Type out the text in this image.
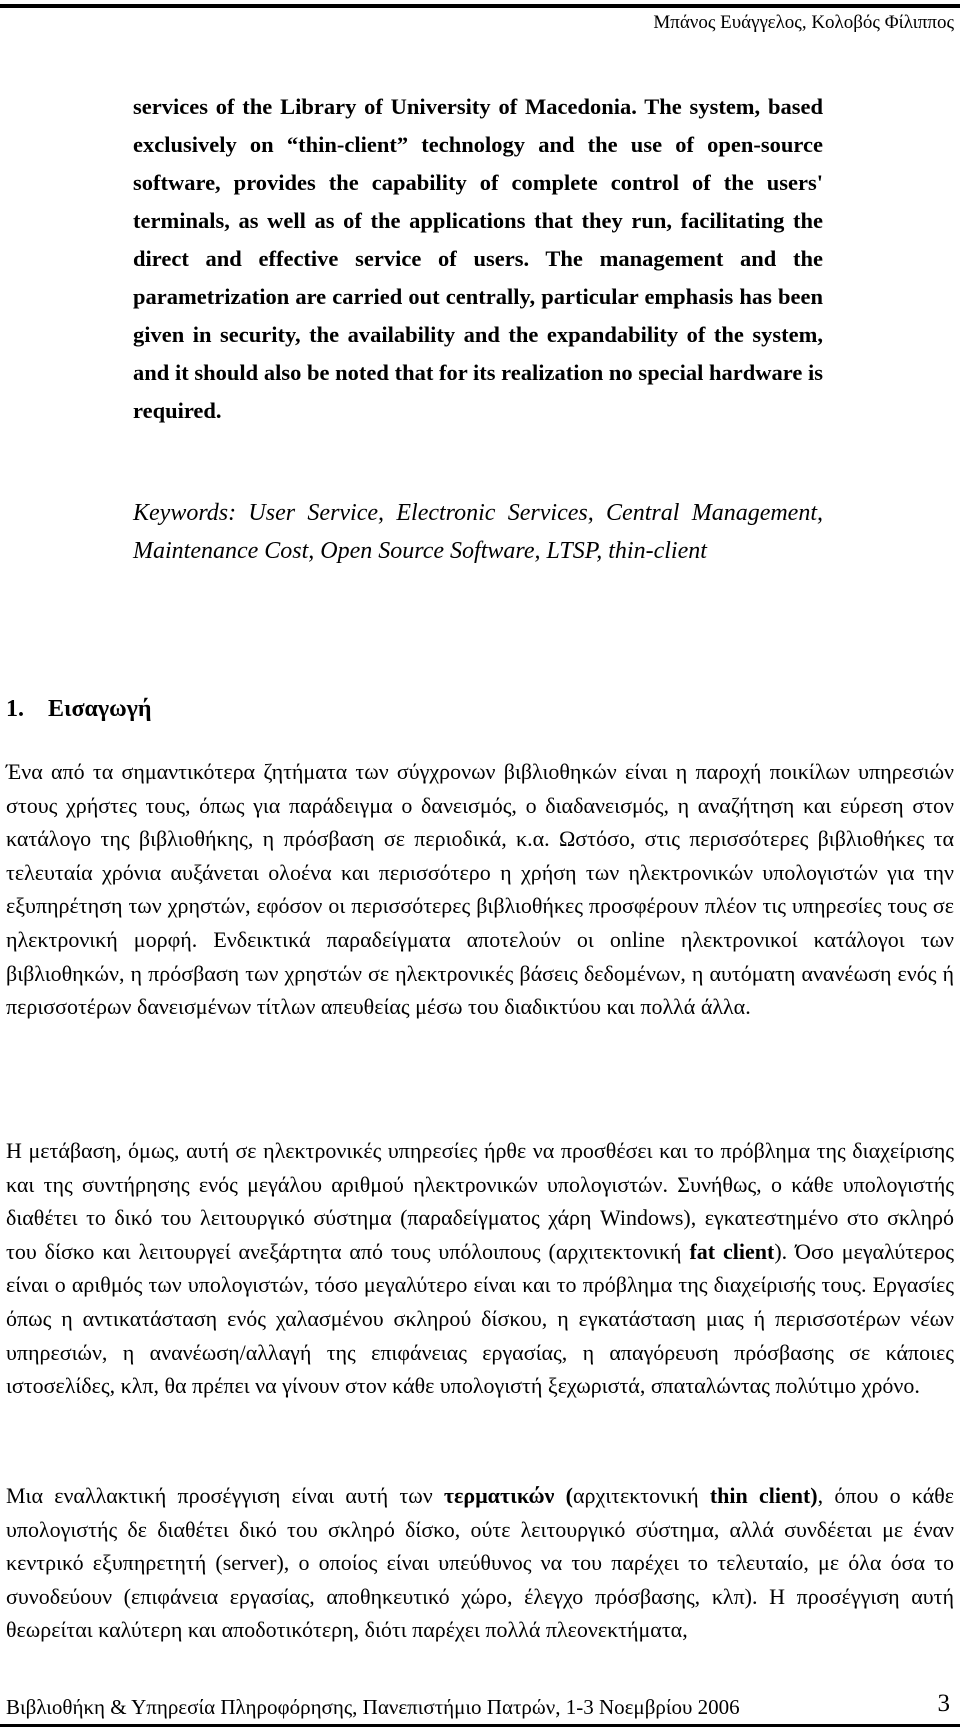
Μπάνος Ευάγγελος, Κολοβός Φίλιππος

services of the Library of University of Macedonia. The system, based exclusively on “thin-client” technology and the use of open-source software, provides the capability of complete control of the users' terminals, as well as of the applications that they run, facilitating the direct and effective service of users. The management and the parametrization are carried out centrally, particular emphasis has been given in security, the availability and the expandability of the system, and it should also be noted that for its realization no special hardware is required.

Keywords: User Service, Electronic Services, Central Management, Maintenance Cost, Open Source Software, LTSP, thin-client

1. Εισαγωγή

Ένα από τα σημαντικότερα ζητήματα των σύγχρονων βιβλιοθηκών είναι η παροχή ποικίλων υπηρεσιών στους χρήστες τους, όπως για παράδειγμα ο δανεισμός, ο διαδανεισμός, η αναζήτηση και εύρεση στον κατάλογο της βιβλιοθήκης, η πρόσβαση σε περιοδικά, κ.α. Ωστόσο, στις περισσότερες βιβλιοθήκες τα τελευταία χρόνια αυξάνεται ολοένα και περισσότερο η χρήση των ηλεκτρονικών υπολογιστών για την εξυπηρέτηση των χρηστών, εφόσον οι περισσότερες βιβλιοθήκες προσφέρουν πλέον τις υπηρεσίες τους σε ηλεκτρονική μορφή. Ενδεικτικά παραδείγματα αποτελούν οι online ηλεκτρονικοί κατάλογοι των βιβλιοθηκών, η πρόσβαση των χρηστών σε ηλεκτρονικές βάσεις δεδομένων, η αυτόματη ανανέωση ενός ή περισσοτέρων δανεισμένων τίτλων απευθείας μέσω του διαδικτύου και πολλά άλλα.

Η μετάβαση, όμως, αυτή σε ηλεκτρονικές υπηρεσίες ήρθε να προσθέσει και το πρόβλημα της διαχείρισης και της συντήρησης ενός μεγάλου αριθμού ηλεκτρονικών υπολογιστών. Συνήθως, ο κάθε υπολογιστής διαθέτει το δικό του λειτουργικό σύστημα (παραδείγματος χάρη Windows), εγκατεστημένο στο σκληρό του δίσκο και λειτουργεί ανεξάρτητα από τους υπόλοιπους (αρχιτεκτονική fat client). Όσο μεγαλύτερος είναι ο αριθμός των υπολογιστών, τόσο μεγαλύτερο είναι και το πρόβλημα της διαχείρισής τους. Εργασίες όπως η αντικατάσταση ενός χαλασμένου σκληρού δίσκου, η εγκατάσταση μιας ή περισσοτέρων νέων υπηρεσιών, η ανανέωση/αλλαγή της επιφάνειας εργασίας, η απαγόρευση πρόσβασης σε κάποιες ιστοσελίδες, κλπ, θα πρέπει να γίνουν στον κάθε υπολογιστή ξεχωριστά, σπαταλώντας πολύτιμο χρόνο.

Μια εναλλακτική προσέγγιση είναι αυτή των τερματικών (αρχιτεκτονική thin client), όπου ο κάθε υπολογιστής δε διαθέτει δικό του σκληρό δίσκο, ούτε λειτουργικό σύστημα, αλλά συνδέεται με έναν κεντρικό εξυπηρετητή (server), ο οποίος είναι υπεύθυνος να του παρέχει το τελευταίο, με όλα όσα το συνοδεύουν (επιφάνεια εργασίας, αποθηκευτικό χώρο, έλεγχο πρόσβασης, κλπ). Η προσέγγιση αυτή θεωρείται καλύτερη και αποδοτικότερη, διότι παρέχει πολλά πλεονεκτήματα,

Βιβλιοθήκη & Υπηρεσία Πληροφόρησης, Πανεπιστήμιο Πατρών, 1-3 Νοεμβρίου 2006	3
